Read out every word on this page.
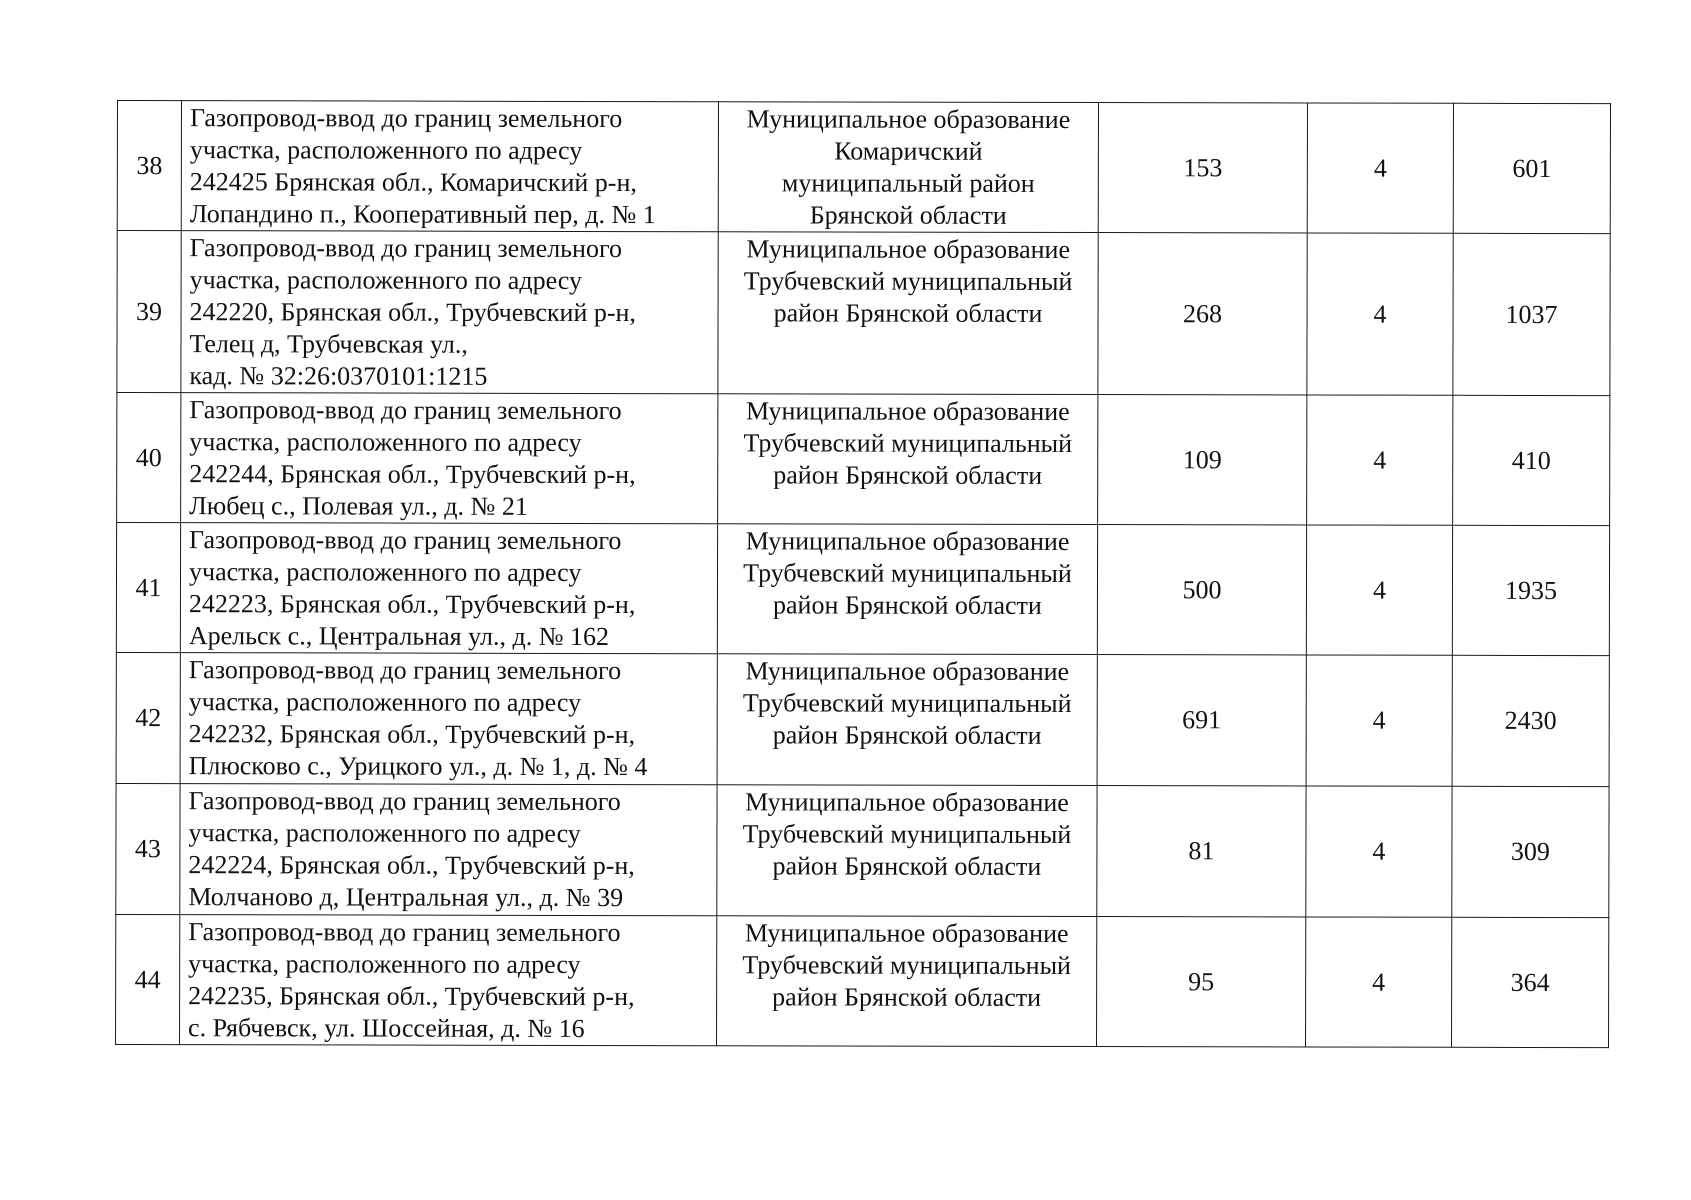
38	Газопровод-ввод до границ земельного
участка, расположенного по адресу
242425 Брянская обл., Комаричский р-н,
Лопандино п., Кооперативный пер, д. № 1	Муниципальное образование
Комаричский
муниципальный район
Брянской области	153	4	601
39	Газопровод-ввод до границ земельного
участка, расположенного по адресу
242220, Брянская обл., Трубчевский р-н,
Телец д, Трубчевская ул.,
кад. № 32:26:0370101:1215	Муниципальное образование
Трубчевский муниципальный
район Брянской области	268	4	1037
40	Газопровод-ввод до границ земельного
участка, расположенного по адресу
242244, Брянская обл., Трубчевский р-н,
Любец с., Полевая ул., д. № 21	Муниципальное образование
Трубчевский муниципальный
район Брянской области	109	4	410
41	Газопровод-ввод до границ земельного
участка, расположенного по адресу
242223, Брянская обл., Трубчевский р-н,
Арельск с., Центральная ул., д. № 162	Муниципальное образование
Трубчевский муниципальный
район Брянской области	500	4	1935
42	Газопровод-ввод до границ земельного
участка, расположенного по адресу
242232, Брянская обл., Трубчевский р-н,
Плюсково с., Урицкого ул., д. № 1, д. № 4	Муниципальное образование
Трубчевский муниципальный
район Брянской области	691	4	2430
43	Газопровод-ввод до границ земельного
участка, расположенного по адресу
242224, Брянская обл., Трубчевский р-н,
Молчаново д, Центральная ул., д. № 39	Муниципальное образование
Трубчевский муниципальный
район Брянской области	81	4	309
44	Газопровод-ввод до границ земельного
участка, расположенного по адресу
242235, Брянская обл., Трубчевский р-н,
с. Рябчевск, ул. Шоссейная, д. № 16	Муниципальное образование
Трубчевский муниципальный
район Брянской области	95	4	364
